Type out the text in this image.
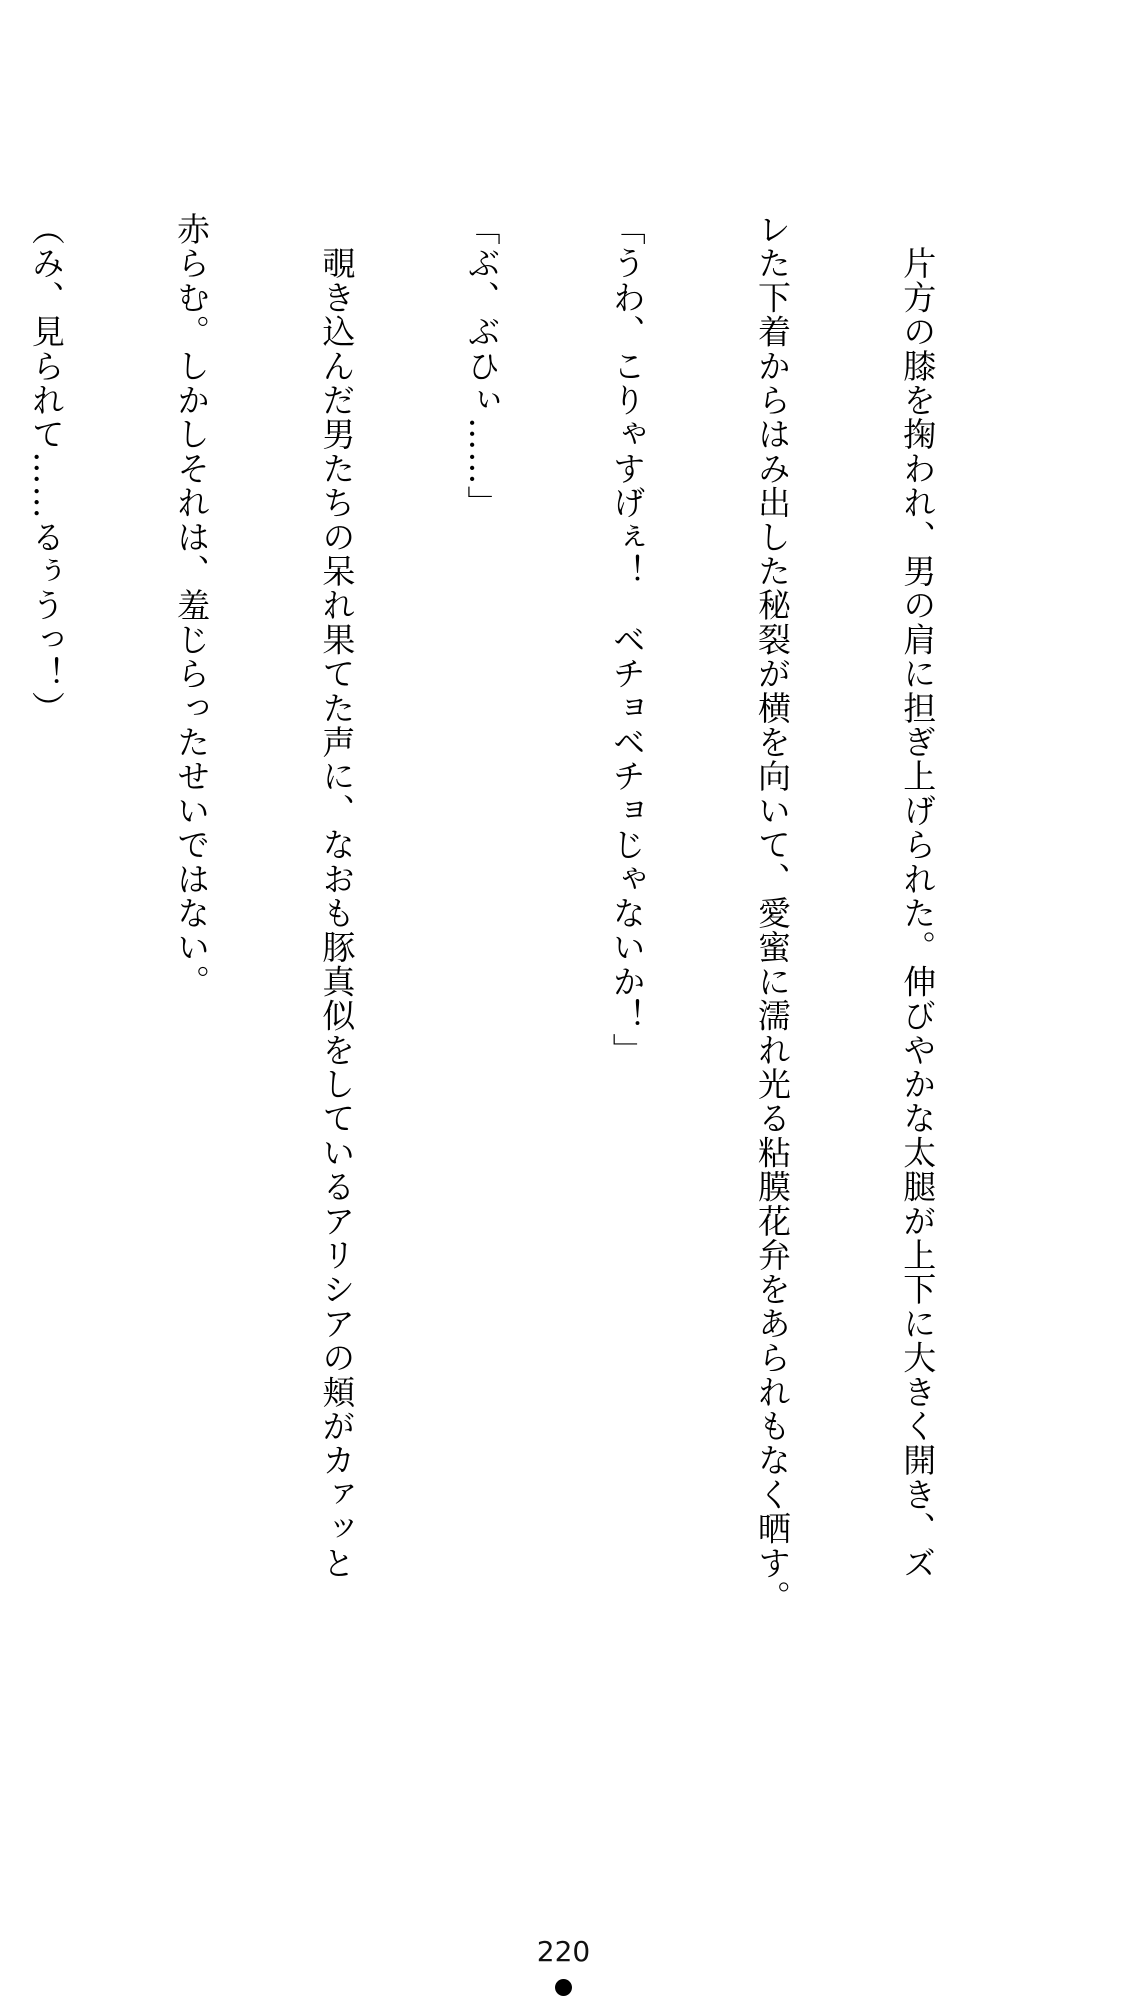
　片方の膝を掬われ、男の肩に担ぎ上げられた。伸びやかな太腿が上下に大きく開き、ズ

レた下着からはみ出した秘裂が横を向いて、愛蜜に濡れ光る粘膜花弁をあられもなく晒す。

「うわ、こりゃすげぇ！　ベチョベチョじゃないか！」

「ぶ、ぶひぃ……」

　覗き込んだ男たちの呆れ果てた声に、なおも豚真似をしているアリシアの頬がカァッと

赤らむ。しかしそれは、羞じらったせいではない。

（み、見られて……るぅうっ！）

220
